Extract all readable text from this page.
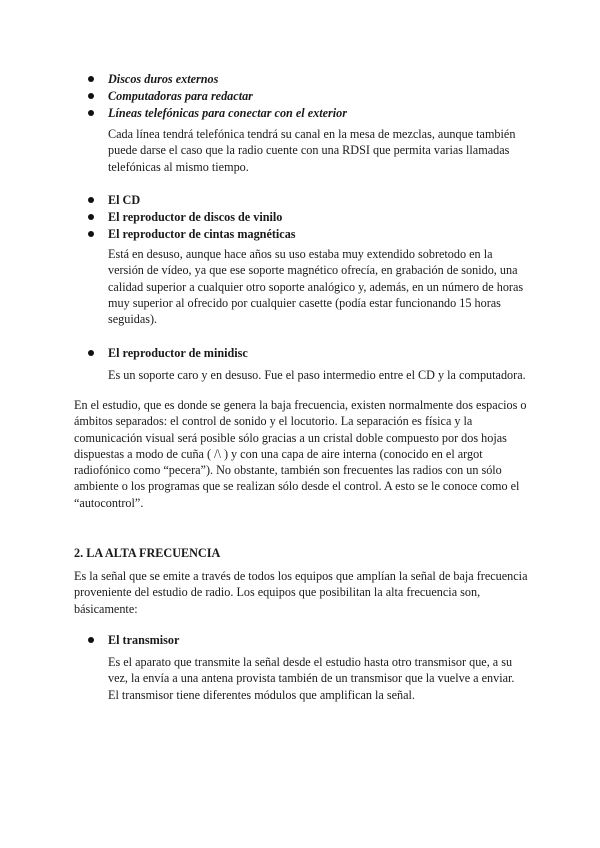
Discos duros externos
Computadoras para redactar
Líneas telefónicas para conectar con el exterior
Cada línea tendrá telefónica tendrá su canal en la mesa de mezclas, aunque también
puede darse el caso que la radio cuente con una RDSI que permita varias llamadas
telefónicas al mismo tiempo.
El CD
El reproductor de discos de vinilo
El reproductor de cintas magnéticas
Está en desuso, aunque hace años su uso estaba muy extendido sobretodo en la
versión de vídeo, ya que ese soporte magnético ofrecía, en grabación de sonido, una
calidad superior a cualquier otro soporte analógico y, además, en un número de horas
muy superior al ofrecido por cualquier casette (podía estar funcionando 15 horas
seguidas).
El reproductor de minidisc
Es un soporte caro y en desuso. Fue el paso intermedio entre el CD y la computadora.
En el estudio, que es donde se genera la baja frecuencia, existen normalmente dos espacios o
ámbitos separados: el control de sonido y el locutorio. La separación es física y la
comunicación visual será posible sólo gracias a un cristal doble compuesto por dos hojas
dispuestas a modo de cuña ( /\ ) y con una capa de aire interna (conocido en el argot
radiofónico como “pecera”). No obstante, también son frecuentes las radios con un sólo
ambiente o los programas que se realizan sólo desde el control. A esto se le conoce como el
“autocontrol”.
2. LA ALTA FRECUENCIA
Es la señal que se emite a través de todos los equipos que amplían la señal de baja frecuencia
proveniente del estudio de radio. Los equipos que posibilitan la alta frecuencia son,
básicamente:
El transmisor
Es el aparato que transmite la señal desde el estudio hasta otro transmisor que, a su
vez, la envía a una antena provista también de un transmisor que la vuelve a enviar.
El transmisor tiene diferentes módulos que amplifican la señal.
